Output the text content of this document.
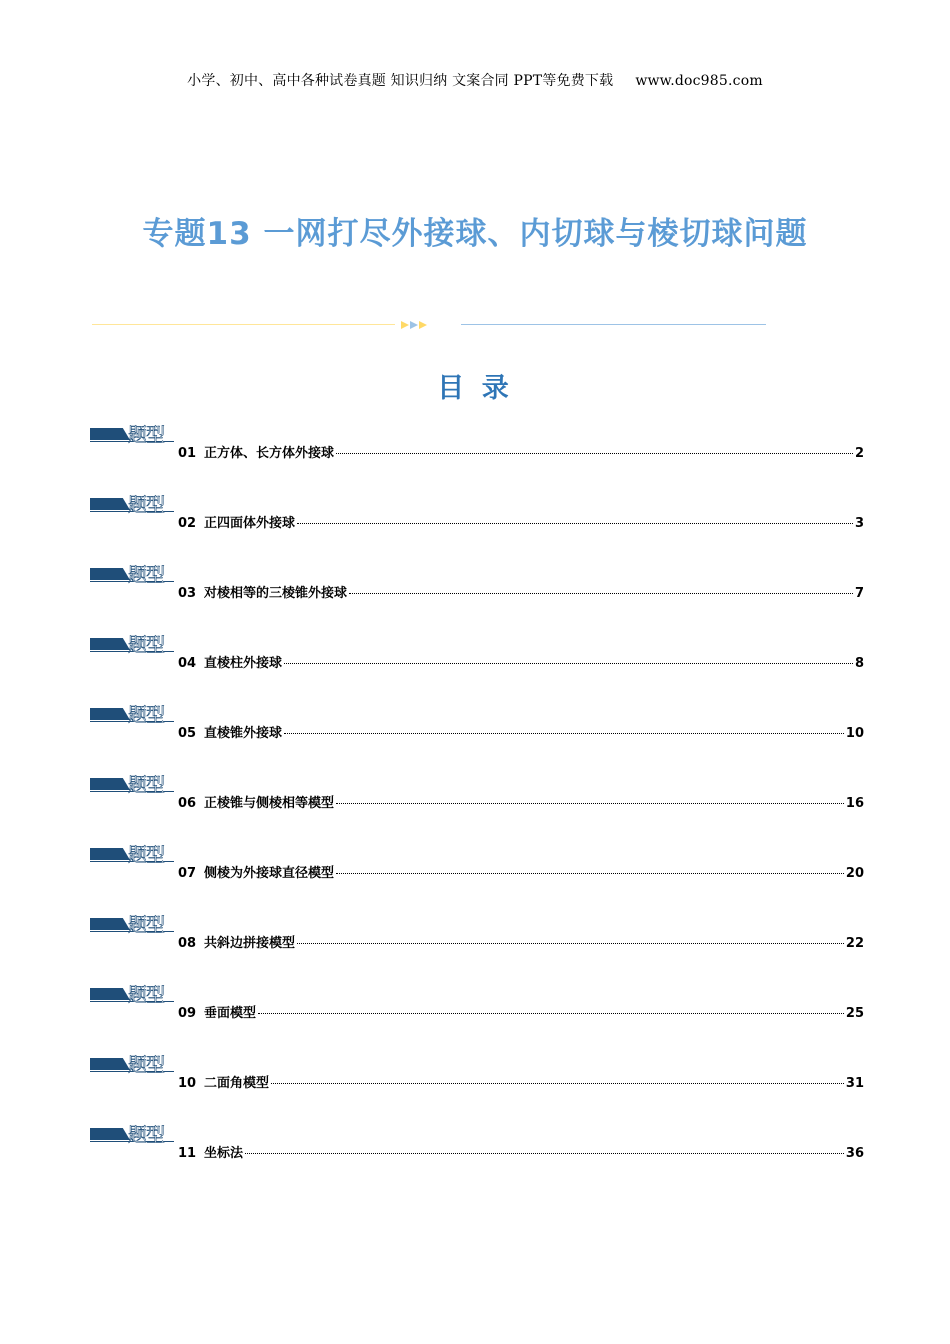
小学、初中、高中各种试卷真题 知识归纳 文案合同 PPT等免费下载 www.doc985.com
专题13 一网打尽外接球、内切球与棱切球问题
目 录
题型
01 正方体、长方体外接球	2
题型
02 正四面体外接球	3
题型
03 对棱相等的三棱锥外接球	7
题型
04 直棱柱外接球	8
题型
05 直棱锥外接球	10
题型
06 正棱锥与侧棱相等模型	16
题型
07 侧棱为外接球直径模型	20
题型
08 共斜边拼接模型	22
题型
09 垂面模型	25
题型
10 二面角模型	31
题型
11 坐标法	36
